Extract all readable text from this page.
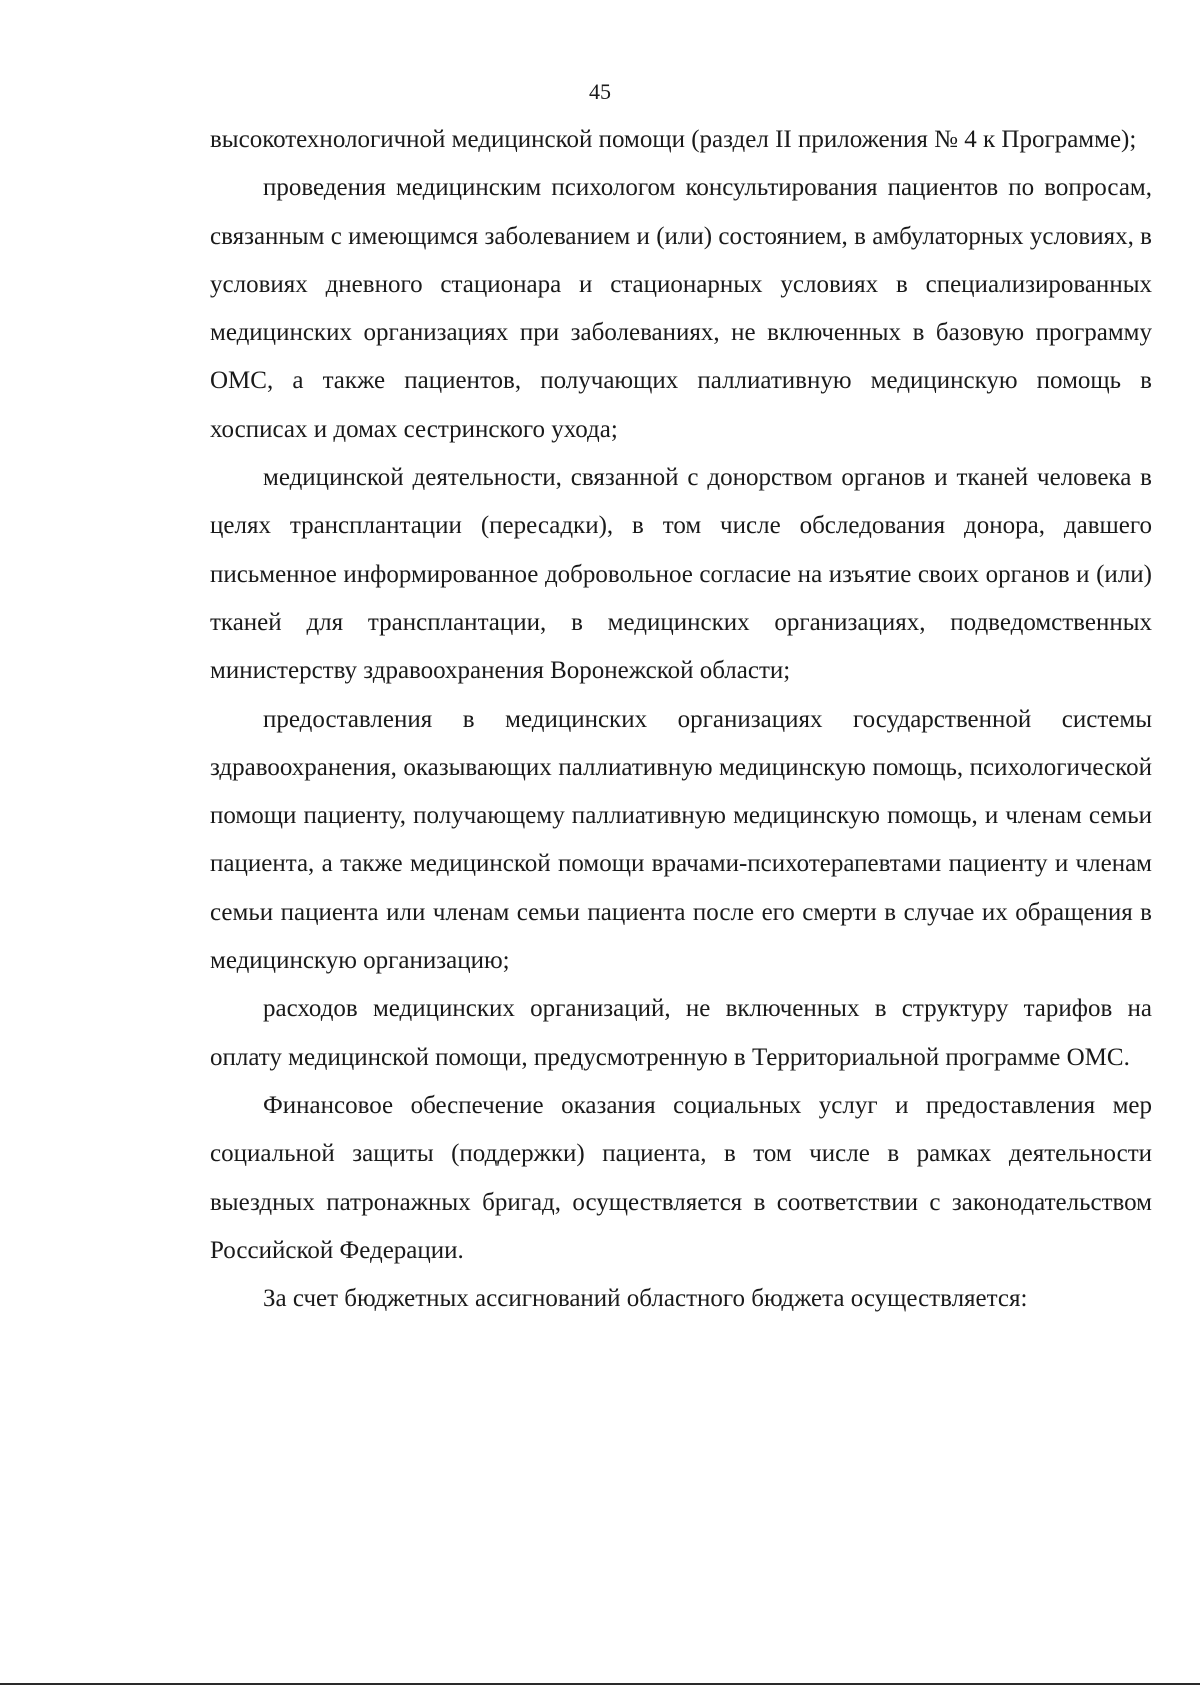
45

высокотехнологичной медицинской помощи (раздел II приложения № 4 к Программе);

проведения медицинским психологом консультирования пациентов по вопросам, связанным с имеющимся заболеванием и (или) состоянием, в амбулаторных условиях, в условиях дневного стационара и стационарных условиях в специализированных медицинских организациях при заболеваниях, не включенных в базовую программу ОМС, а также пациентов, получающих паллиативную медицинскую помощь в хосписах и домах сестринского ухода;

медицинской деятельности, связанной с донорством органов и тканей человека в целях трансплантации (пересадки), в том числе обследования донора, давшего письменное информированное добровольное согласие на изъятие своих органов и (или) тканей для трансплантации, в медицинских организациях, подведомственных министерству здравоохранения Воронежской области;

предоставления в медицинских организациях государственной системы здравоохранения, оказывающих паллиативную медицинскую помощь, психологической помощи пациенту, получающему паллиативную медицинскую помощь, и членам семьи пациента, а также медицинской помощи врачами-психотерапевтами пациенту и членам семьи пациента или членам семьи пациента после его смерти в случае их обращения в медицинскую организацию;

расходов медицинских организаций, не включенных в структуру тарифов на оплату медицинской помощи, предусмотренную в Территориальной программе ОМС.

Финансовое обеспечение оказания социальных услуг и предоставления мер социальной защиты (поддержки) пациента, в том числе в рамках деятельности выездных патронажных бригад, осуществляется в соответствии с законодательством Российской Федерации.

За счет бюджетных ассигнований областного бюджета осуществляется:
